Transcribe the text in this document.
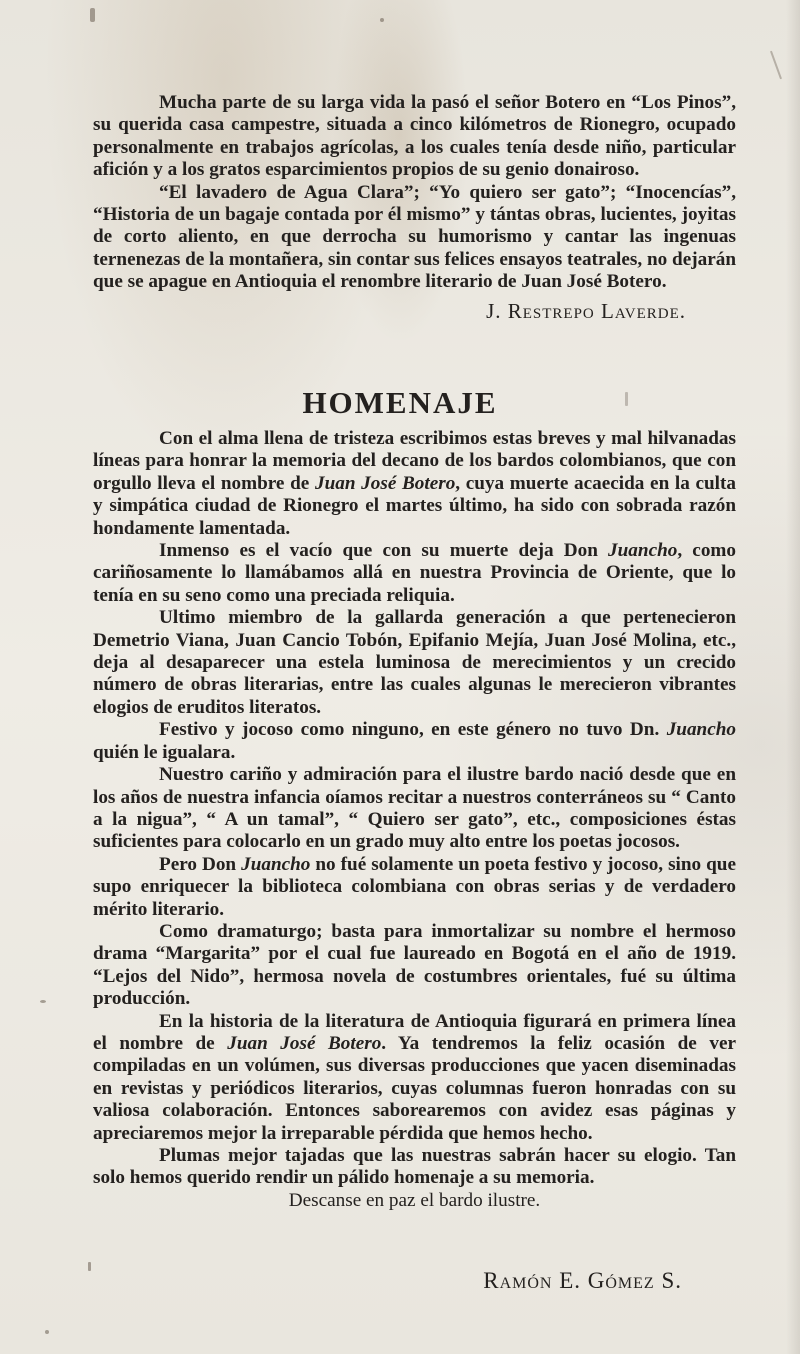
Mucha parte de su larga vida la pasó el señor Botero en “Los Pinos”, su querida casa campestre, situada a cinco kilómetros de Rionegro, ocupado personalmente en trabajos agrícolas, a los cuales tenía desde niño, particular afición y a los gratos esparcimientos propios de su genio donairoso.

“El lavadero de Agua Clara”; “Yo quiero ser gato”; “Inocencías”, “Historia de un bagaje contada por él mismo” y tántas obras, lucientes, joyitas de corto aliento, en que derrocha su humorismo y cantar las ingenuas ternenezas de la montañera, sin contar sus felices ensayos teatrales, no dejarán que se apague en Antioquia el renombre literario de Juan José Botero.

J. Restrepo Laverde.
HOMENAJE

Con el alma llena de tristeza escribimos estas breves y mal hilvanadas líneas para honrar la memoria del decano de los bardos colombianos, que con orgullo lleva el nombre de Juan José Botero, cuya muerte acaecida en la culta y simpática ciudad de Rionegro el martes último, ha sido con sobrada razón hondamente lamentada.

Inmenso es el vacío que con su muerte deja Don Juancho, como cariñosamente lo llamábamos allá en nuestra Provincia de Oriente, que lo tenía en su seno como una preciada reliquia.

Ultimo miembro de la gallarda generación a que pertenecieron Demetrio Viana, Juan Cancio Tobón, Epifanio Mejía, Juan José Molina, etc., deja al desaparecer una estela luminosa de merecimientos y un crecido número de obras literarias, entre las cuales algunas le merecieron vibrantes elogios de eruditos literatos.

Festivo y jocoso como ninguno, en este género no tuvo Dn. Juancho quién le igualara.

Nuestro cariño y admiración para el ilustre bardo nació desde que en los años de nuestra infancia oíamos recitar a nuestros conterráneos su “ Canto a la nigua”, “ A un tamal”, “ Quiero ser gato”, etc., composiciones éstas suficientes para colocarlo en un grado muy alto entre los poetas jocosos.

Pero Don Juancho no fué solamente un poeta festivo y jocoso, sino que supo enriquecer la biblioteca colombiana con obras serias y de verdadero mérito literario.

Como dramaturgo; basta para inmortalizar su nombre el hermoso drama “Margarita” por el cual fue laureado en Bogotá en el año de 1919. “Lejos del Nido”, hermosa novela de costumbres orientales, fué su última producción.

En la historia de la literatura de Antioquia figurará en primera línea el nombre de Juan José Botero. Ya tendremos la feliz ocasión de ver compiladas en un volúmen, sus diversas producciones que yacen diseminadas en revistas y periódicos literarios, cuyas columnas fueron honradas con su valiosa colaboración. Entonces saborearemos con avidez esas páginas y apreciaremos mejor la irreparable pérdida que hemos hecho.

Plumas mejor tajadas que las nuestras sabrán hacer su elogio. Tan solo hemos querido rendir un pálido homenaje a su memoria.

Descanse en paz el bardo ilustre.

Ramón E. Gómez S.
